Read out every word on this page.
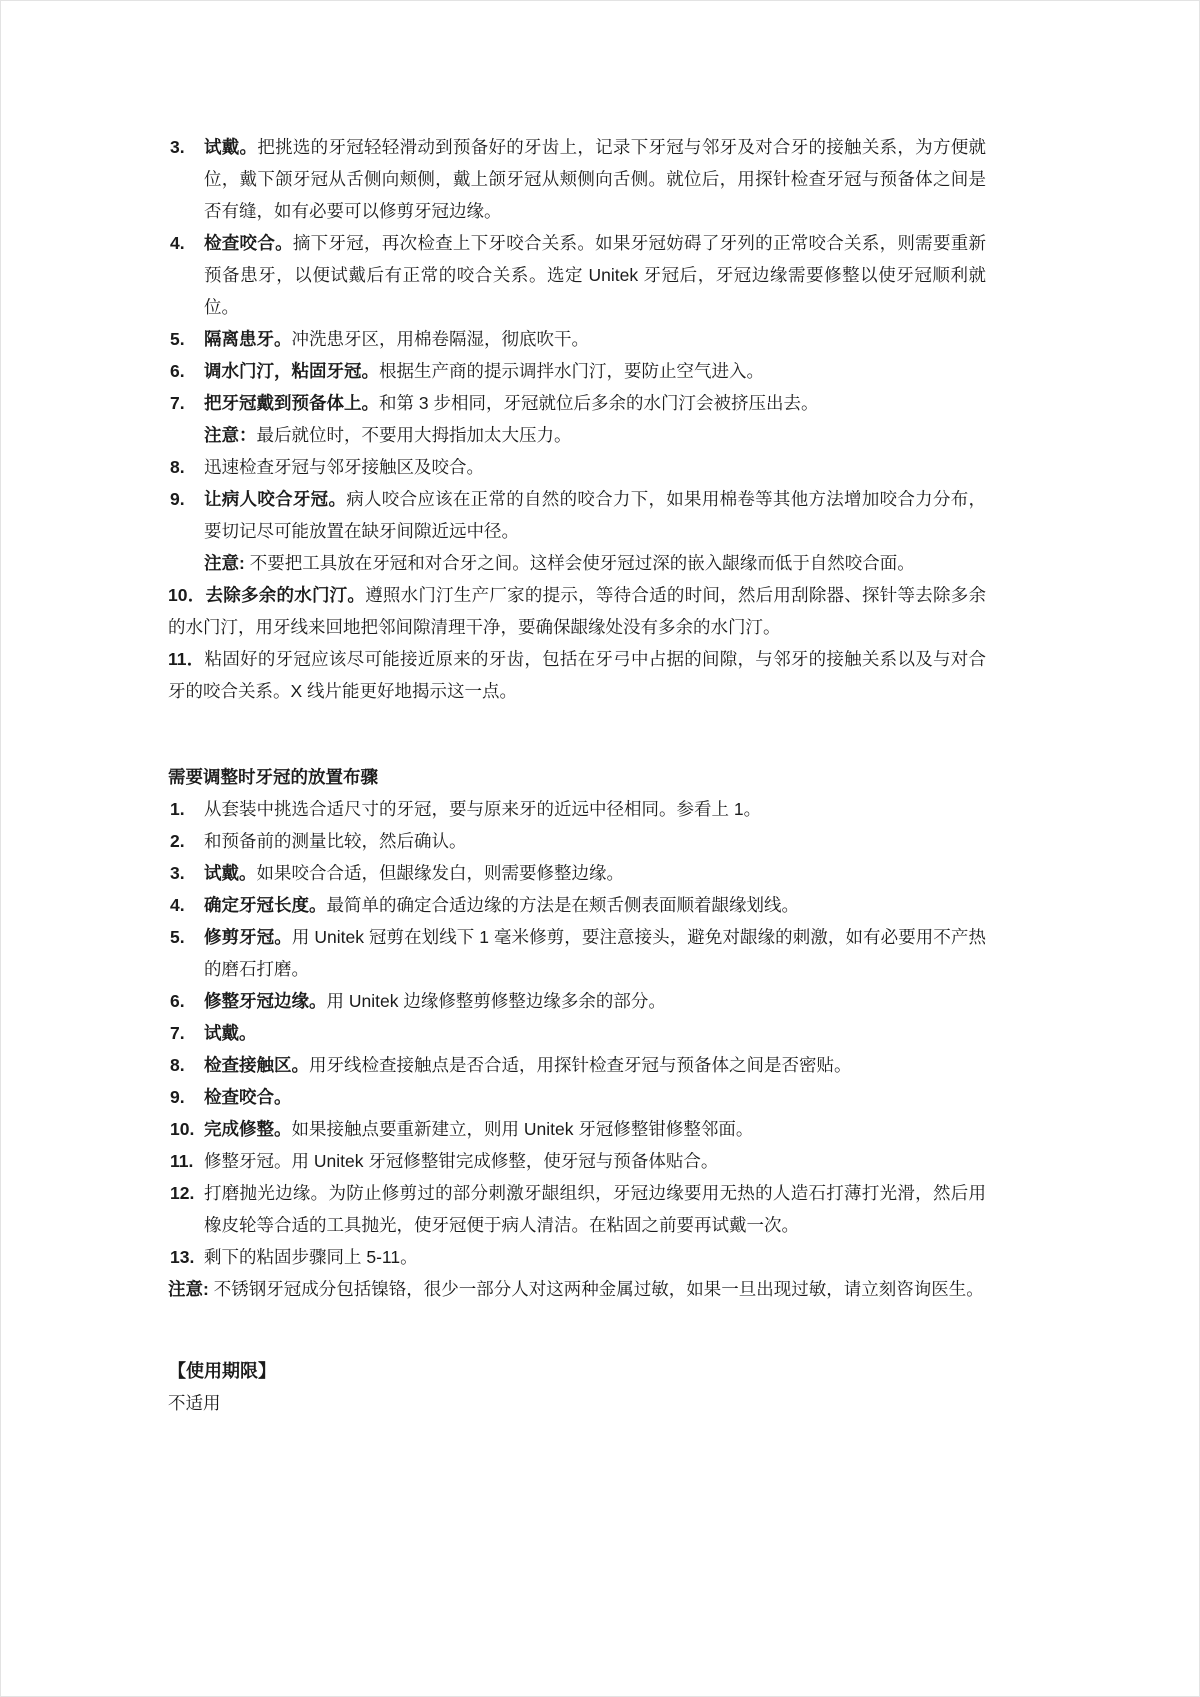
3. 试戴。把挑选的牙冠轻轻滑动到预备好的牙齿上，记录下牙冠与邻牙及对合牙的接触关系，为方便就位，戴下颌牙冠从舌侧向颊侧，戴上颌牙冠从颊侧向舌侧。就位后，用探针检查牙冠与预备体之间是否有缝，如有必要可以修剪牙冠边缘。
4. 检查咬合。摘下牙冠，再次检查上下牙咬合关系。如果牙冠妨碍了牙列的正常咬合关系，则需要重新预备患牙，以便试戴后有正常的咬合关系。选定 Unitek 牙冠后，牙冠边缘需要修整以使牙冠顺利就位。
5. 隔离患牙。冲洗患牙区，用棉卷隔湿，彻底吹干。
6. 调水门汀，粘固牙冠。根据生产商的提示调拌水门汀，要防止空气进入。
7. 把牙冠戴到预备体上。和第 3 步相同，牙冠就位后多余的水门汀会被挤压出去。
注意：最后就位时，不要用大拇指加太大压力。
8. 迅速检查牙冠与邻牙接触区及咬合。
9. 让病人咬合牙冠。病人咬合应该在正常的自然的咬合力下，如果用棉卷等其他方法增加咬合力分布，要切记尽可能放置在缺牙间隙近远中径。
注意: 不要把工具放在牙冠和对合牙之间。这样会使牙冠过深的嵌入龈缘而低于自然咬合面。

10．去除多余的水门汀。遵照水门汀生产厂家的提示，等待合适的时间，然后用刮除器、探针等去除多余的水门汀，用牙线来回地把邻间隙清理干净，要确保龈缘处没有多余的水门汀。

11．粘固好的牙冠应该尽可能接近原来的牙齿，包括在牙弓中占据的间隙，与邻牙的接触关系以及与对合牙的咬合关系。X 线片能更好地揭示这一点。

需要调整时牙冠的放置布骤

1. 从套装中挑选合适尺寸的牙冠，要与原来牙的近远中径相同。参看上 1。
2. 和预备前的测量比较，然后确认。
3. 试戴。如果咬合合适，但龈缘发白，则需要修整边缘。
4. 确定牙冠长度。最简单的确定合适边缘的方法是在颊舌侧表面顺着龈缘划线。
5. 修剪牙冠。用 Unitek 冠剪在划线下 1 毫米修剪，要注意接头，避免对龈缘的刺激，如有必要用不产热的磨石打磨。
6. 修整牙冠边缘。用 Unitek 边缘修整剪修整边缘多余的部分。
7. 试戴。
8. 检查接触区。用牙线检查接触点是否合适，用探针检查牙冠与预备体之间是否密贴。
9. 检查咬合。
10. 完成修整。如果接触点要重新建立，则用 Unitek 牙冠修整钳修整邻面。
11. 修整牙冠。用 Unitek 牙冠修整钳完成修整，使牙冠与预备体贴合。
12. 打磨抛光边缘。为防止修剪过的部分刺激牙龈组织，牙冠边缘要用无热的人造石打薄打光滑，然后用橡皮轮等合适的工具抛光，使牙冠便于病人清洁。在粘固之前要再试戴一次。
13. 剩下的粘固步骤同上 5-11。

注意: 不锈钢牙冠成分包括镍铬，很少一部分人对这两种金属过敏，如果一旦出现过敏，请立刻咨询医生。

【使用期限】

不适用
